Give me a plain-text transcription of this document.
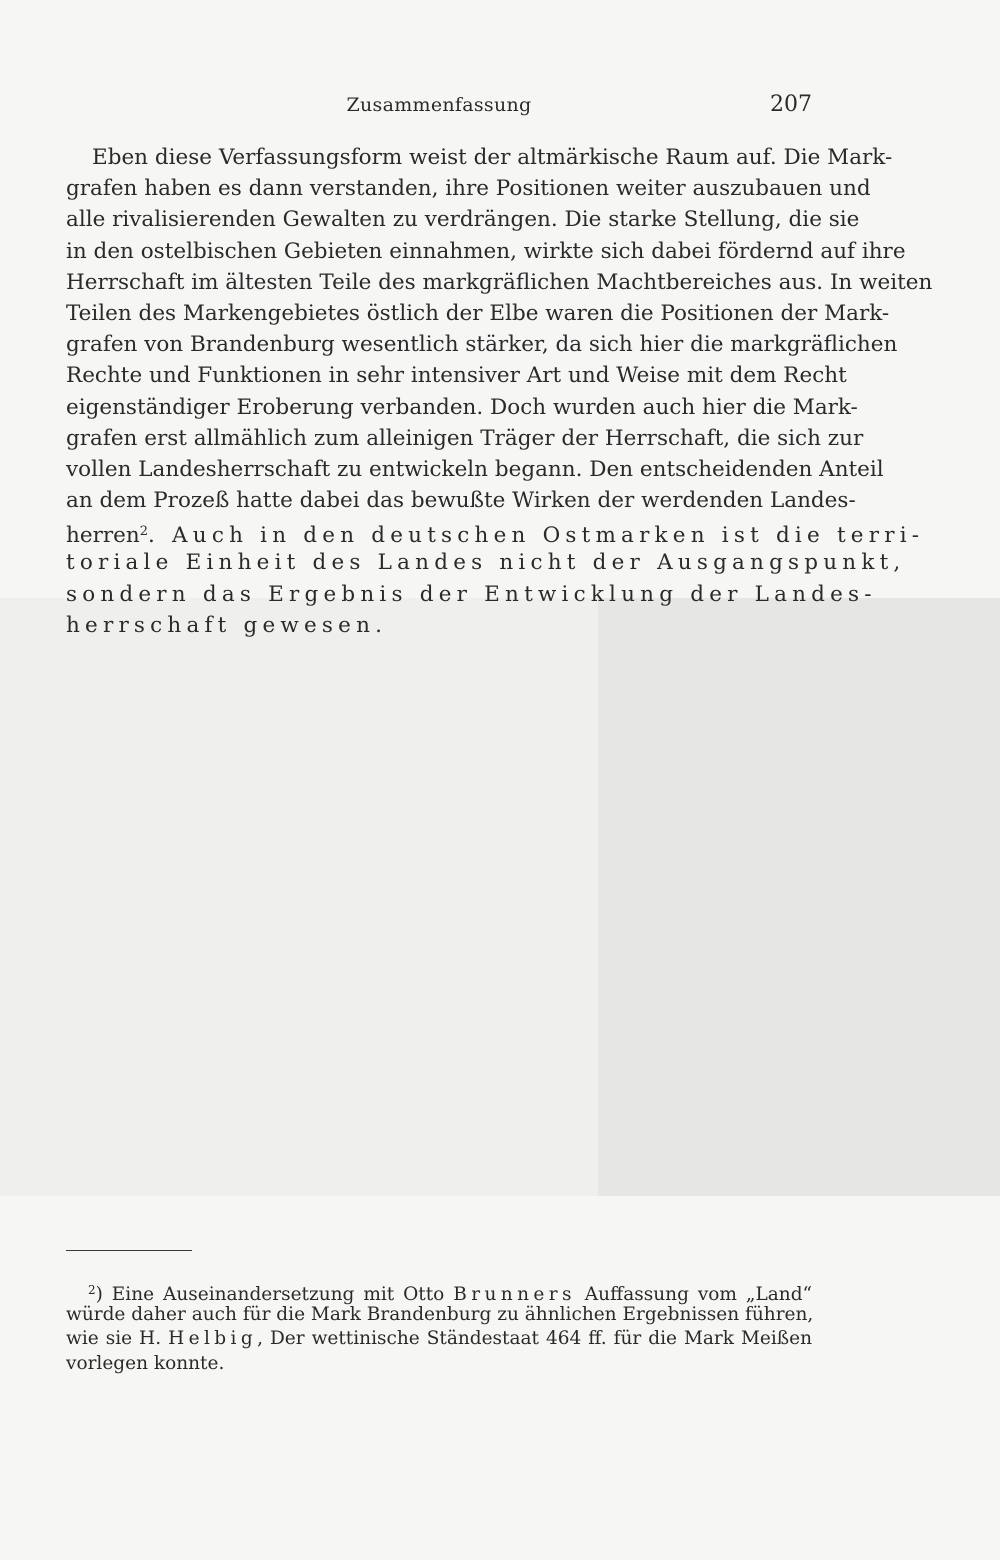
Zusammenfassung	207
Eben diese Verfassungsform weist der altmärkische Raum auf. Die Mark-
grafen haben es dann verstanden, ihre Positionen weiter auszubauen und
alle rivalisierenden Gewalten zu verdrängen. Die starke Stellung, die sie
in den ostelbischen Gebieten einnahmen, wirkte sich dabei fördernd auf ihre
Herrschaft im ältesten Teile des markgräflichen Machtbereiches aus. In weiten
Teilen des Markengebietes östlich der Elbe waren die Positionen der Mark-
grafen von Brandenburg wesentlich stärker, da sich hier die markgräflichen
Rechte und Funktionen in sehr intensiver Art und Weise mit dem Recht
eigenständiger Eroberung verbanden. Doch wurden auch hier die Mark-
grafen erst allmählich zum alleinigen Träger der Herrschaft, die sich zur
vollen Landesherrschaft zu entwickeln begann. Den entscheidenden Anteil
an dem Prozeß hatte dabei das bewußte Wirken der werdenden Landes-
herren$^2$. Auch in den deutschen Ostmarken ist die terri-
toriale Einheit des Landes nicht der Ausgangspunkt,
sondern das Ergebnis der Entwicklung der Landes-
herrschaft gewesen.
$^2$) Eine Auseinandersetzung mit Otto Brunners Auffassung vom „Land“
würde daher auch für die Mark Brandenburg zu ähnlichen Ergebnissen führen,
wie sie H. Helbig, Der wettinische Ständestaat 464 ff. für die Mark Meißen
vorlegen konnte.
